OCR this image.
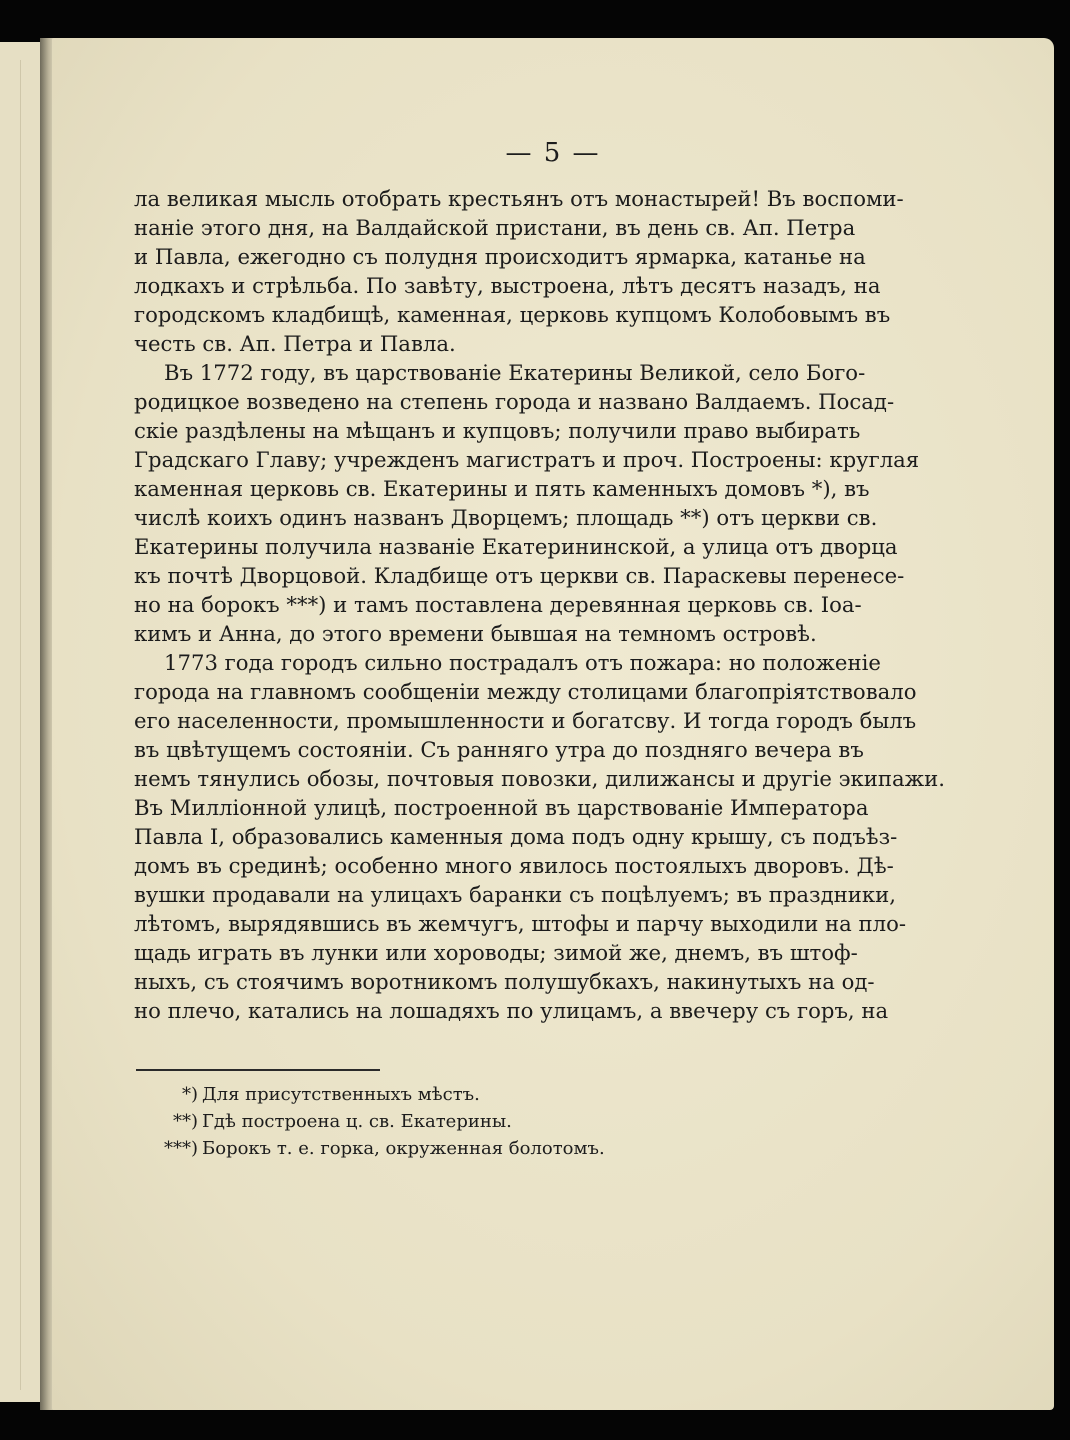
— 5 —
ла великая мысль отобрать крестьянъ отъ монастырей! Въ воспоми-
наніе этого дня, на Валдайской пристани, въ день св. Ап. Петра
и Павла, ежегодно съ полудня происходитъ ярмарка, катанье на
лодкахъ и стрѣльба. По завѣту, выстроена, лѣтъ десятъ назадъ, на
городскомъ кладбищѣ, каменная, церковь купцомъ Колобовымъ въ
честь св. Ап. Петра и Павла.
Въ 1772 году, въ царствованіе Екатерины Великой, село Бого-
родицкое возведено на степень города и названо Валдаемъ. Посад-
скіе раздѣлены на мѣщанъ и купцовъ; получили право выбирать
Градскаго Главу; учрежденъ магистратъ и проч. Построены: круглая
каменная церковь св. Екатерины и пять каменныхъ домовъ *), въ
числѣ коихъ одинъ названъ Дворцемъ; площадь **) отъ церкви св.
Екатерины получила названіе Екатерининской, а улица отъ дворца
къ почтѣ Дворцовой. Кладбище отъ церкви св. Параскевы перенесе-
но на борокъ ***) и тамъ поставлена деревянная церковь св. Іоа-
кимъ и Анна, до этого времени бывшая на темномъ островѣ.
1773 года городъ сильно пострадалъ отъ пожара: но положеніе
города на главномъ сообщеніи между столицами благопріятствовало
его населенности, промышленности и богатсву. И тогда городъ былъ
въ цвѣтущемъ состояніи. Съ ранняго утра до поздняго вечера въ
немъ тянулись обозы, почтовыя повозки, дилижансы и другіе экипажи.
Въ Милліонной улицѣ, построенной въ царствованіе Императора
Павла I, образовались каменныя дома подъ одну крышу, съ подъѣз-
домъ въ срединѣ; особенно много явилось постоялыхъ дворовъ. Дѣ-
вушки продавали на улицахъ баранки съ поцѣлуемъ; въ праздники,
лѣтомъ, вырядявшись въ жемчугъ, штофы и парчу выходили на пло-
щадь играть въ лунки или хороводы; зимой же, днемъ, въ штоф-
ныхъ, съ стоячимъ воротникомъ полушубкахъ, накинутыхъ на од-
но плечо, катались на лошадяхъ по улицамъ, а ввечеру съ горъ, на
*) Для присутственныхъ мѣстъ.
**) Гдѣ построена ц. св. Екатерины.
***) Борокъ т. е. горка, окруженная болотомъ.
